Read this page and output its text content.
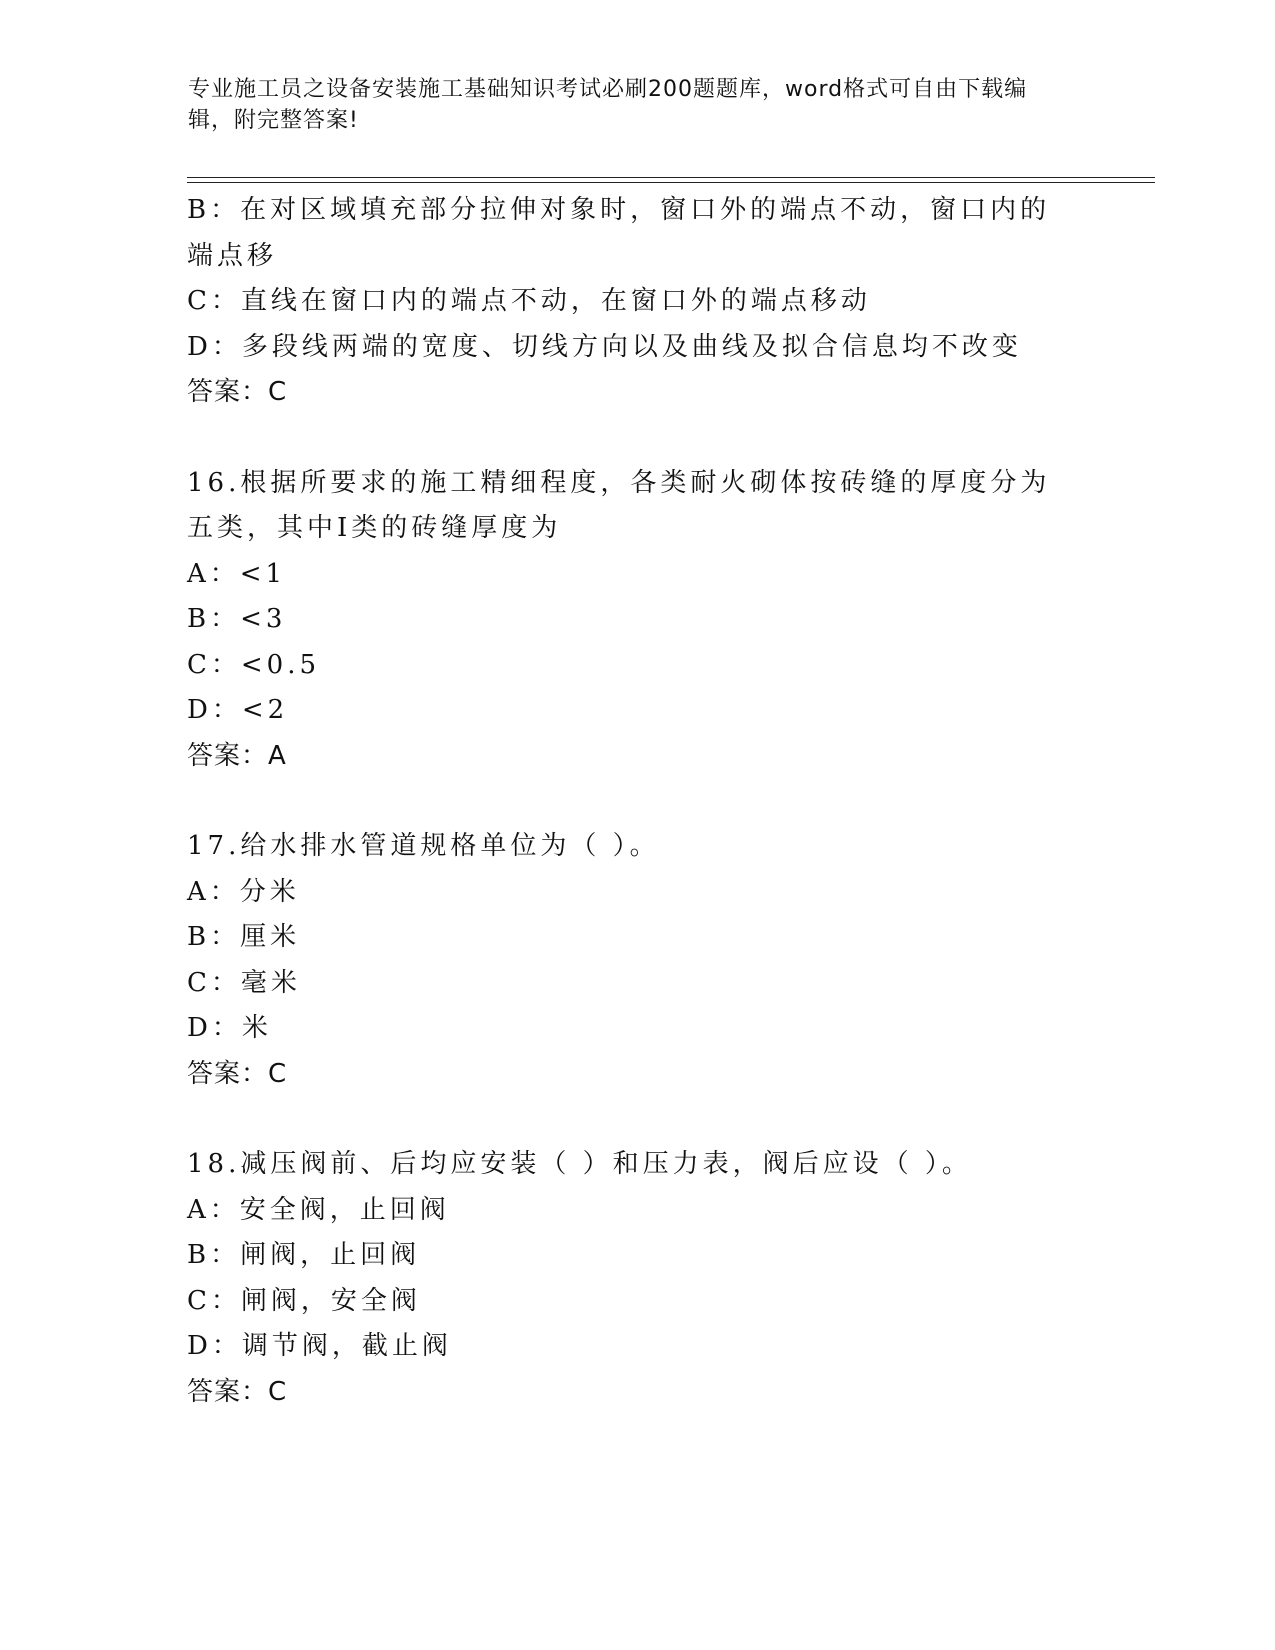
专业施工员之设备安装施工基础知识考试必刷200题题库，word格式可自由下载编辑，附完整答案!
B：在对区域填充部分拉伸对象时，窗口外的端点不动，窗口内的端点移
C：直线在窗口内的端点不动，在窗口外的端点移动
D：多段线两端的宽度、切线方向以及曲线及拟合信息均不改变
答案：C
16.根据所要求的施工精细程度，各类耐火砌体按砖缝的厚度分为五类，其中Ⅰ类的砖缝厚度为
A：<1
B：<3
C：<0.5
D：<2
答案：A
17.给水排水管道规格单位为（ ）。
A：分米
B：厘米
C：毫米
D：米
答案：C
18.减压阀前、后均应安装（ ）和压力表，阀后应设（ ）。
A：安全阀，止回阀
B：闸阀，止回阀
C：闸阀，安全阀
D：调节阀，截止阀
答案：C
